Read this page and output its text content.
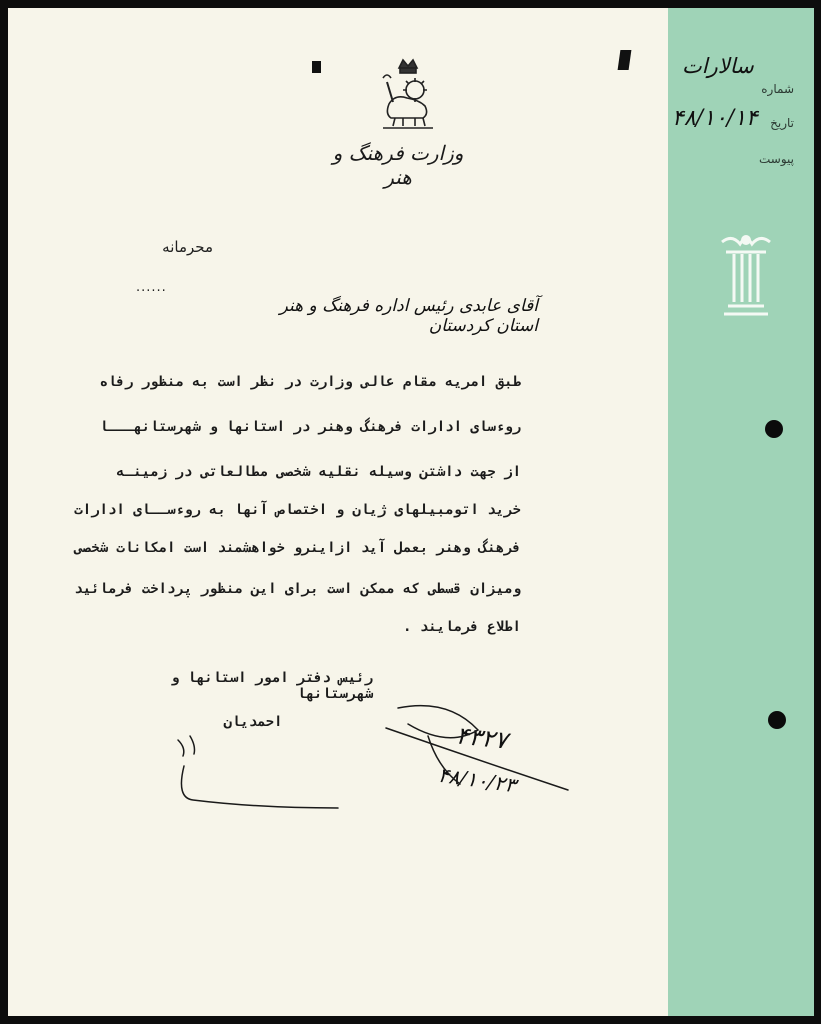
شماره
تاریخ
پیوست
سالارات
۴۸/۱۰/۱۴
وزارت فرهنگ و هنر
محرمانه
......
آقای عابدی رئیس اداره فرهنگ و هنر استان کردستان
طبق امریه مقام عالی وزارت در نظر است به منظور رفاه
روءسای ادارات فرهنگ وهنر در استانها و شهرستانهـــا
از جهت داشتن وسیله نقلیه شخصی مطالعاتی در زمینـه
خرید اتومبیلهای ژیان و اختصاص آنها به روءســای ادارات
فرهنگ وهنر بعمل آید ازاینرو خواهشمند است امکانات شخصی
ومیزان قسطی که ممکن است برای این منظور پرداخت فرمائید
اطلاع فرمایند .
رئیس دفتر امور استانها و شهرستانها
احمدیان	۴۳۲۷
۴۸/۱۰/۲۳
